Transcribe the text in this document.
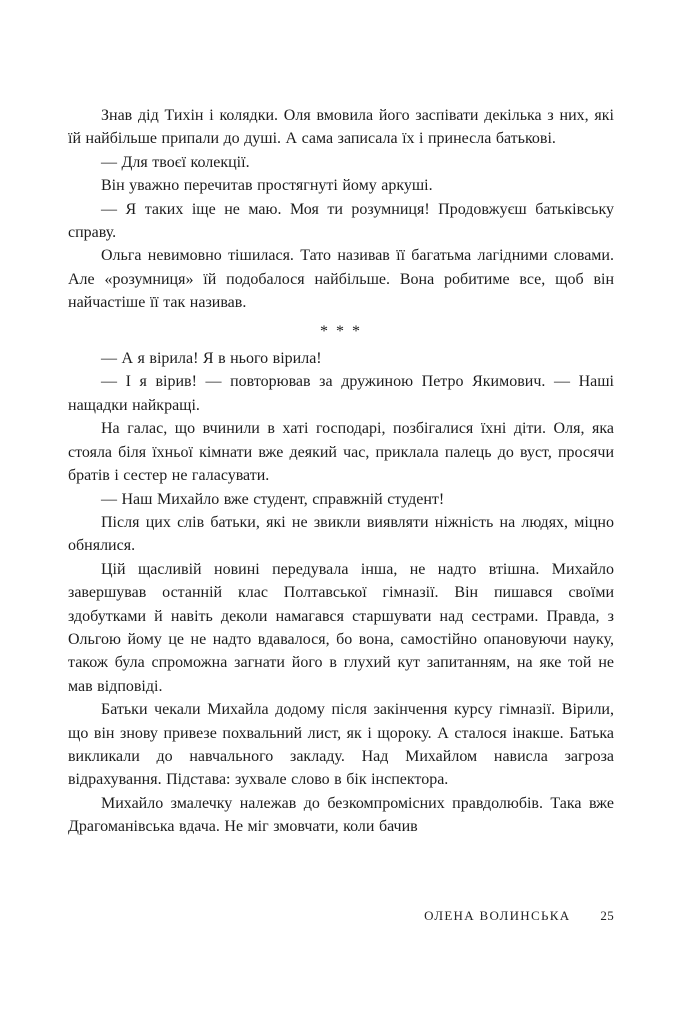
Знав дід Тихін і колядки. Оля вмовила його заспівати декілька з них, які їй найбільше припали до душі. А сама записала їх і принесла батькові.

— Для твоєї колекції.

Він уважно перечитав простягнуті йому аркуші.

— Я таких іще не маю. Моя ти розумниця! Продовжуєш батьківську справу.

Ольга невимовно тішилася. Тато називав її багатьма лагідними словами. Але «розумниця» їй подобалося найбільше. Вона робитиме все, щоб він найчастіше її так називав.

* * *

— А я вірила! Я в нього вірила!

— І я вірив! — повторював за дружиною Петро Якимович. — Наші нащадки найкращі.

На галас, що вчинили в хаті господарі, позбігалися їхні діти. Оля, яка стояла біля їхньої кімнати вже деякий час, приклала палець до вуст, просячи братів і сестер не галасувати.

— Наш Михайло вже студент, справжній студент!

Після цих слів батьки, які не звикли виявляти ніжність на людях, міцно обнялися.

Цій щасливій новині передувала інша, не надто втішна. Михайло завершував останній клас Полтавської гімназії. Він пишався своїми здобутками й навіть деколи намагався старшувати над сестрами. Правда, з Ольгою йому це не надто вдавалося, бо вона, самостійно опановуючи науку, також була спроможна загнати його в глухий кут запитанням, на яке той не мав відповіді.

Батьки чекали Михайла додому після закінчення курсу гімназії. Вірили, що він знову привезе похвальний лист, як і щороку. А сталося інакше. Батька викликали до навчального закладу. Над Михайлом нависла загроза відрахування. Підстава: зухвале слово в бік інспектора.

Михайло змалечку належав до безкомпромісних правдолюбів. Така вже Драгоманівська вдача. Не міг змовчати, коли бачив

ОЛЕНА ВОЛИНСЬКА 25
